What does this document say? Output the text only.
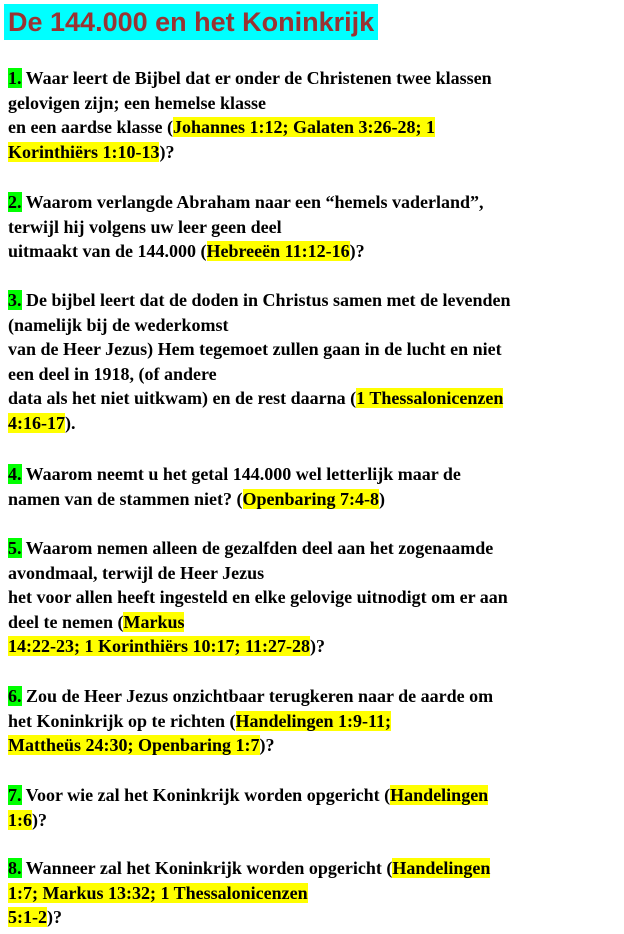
De 144.000 en het Koninkrijk
1. Waar leert de Bijbel dat er onder de Christenen twee klassen
gelovigen zijn; een hemelse klasse
en een aardse klasse (Johannes 1:12; Galaten 3:26-28; 1
Korinthiërs 1:10-13)?
2. Waarom verlangde Abraham naar een “hemels vaderland”,
terwijl hij volgens uw leer geen deel
uitmaakt van de 144.000 (Hebreeën 11:12-16)?
3. De bijbel leert dat de doden in Christus samen met de levenden
(namelijk bij de wederkomst
van de Heer Jezus) Hem tegemoet zullen gaan in de lucht en niet
een deel in 1918, (of andere
data als het niet uitkwam) en de rest daarna (1 Thessalonicenzen
4:16-17).
4. Waarom neemt u het getal 144.000 wel letterlijk maar de
namen van de stammen niet? (Openbaring 7:4-8)
5. Waarom nemen alleen de gezalfden deel aan het zogenaamde
avondmaal, terwijl de Heer Jezus
het voor allen heeft ingesteld en elke gelovige uitnodigt om er aan
deel te nemen (Markus
14:22-23; 1 Korinthiërs 10:17; 11:27-28)?
6. Zou de Heer Jezus onzichtbaar terugkeren naar de aarde om
het Koninkrijk op te richten (Handelingen 1:9-11;
Mattheüs 24:30; Openbaring 1:7)?
7. Voor wie zal het Koninkrijk worden opgericht (Handelingen
1:6)?
8. Wanneer zal het Koninkrijk worden opgericht (Handelingen
1:7; Markus 13:32; 1 Thessalonicenzen
5:1-2)?
